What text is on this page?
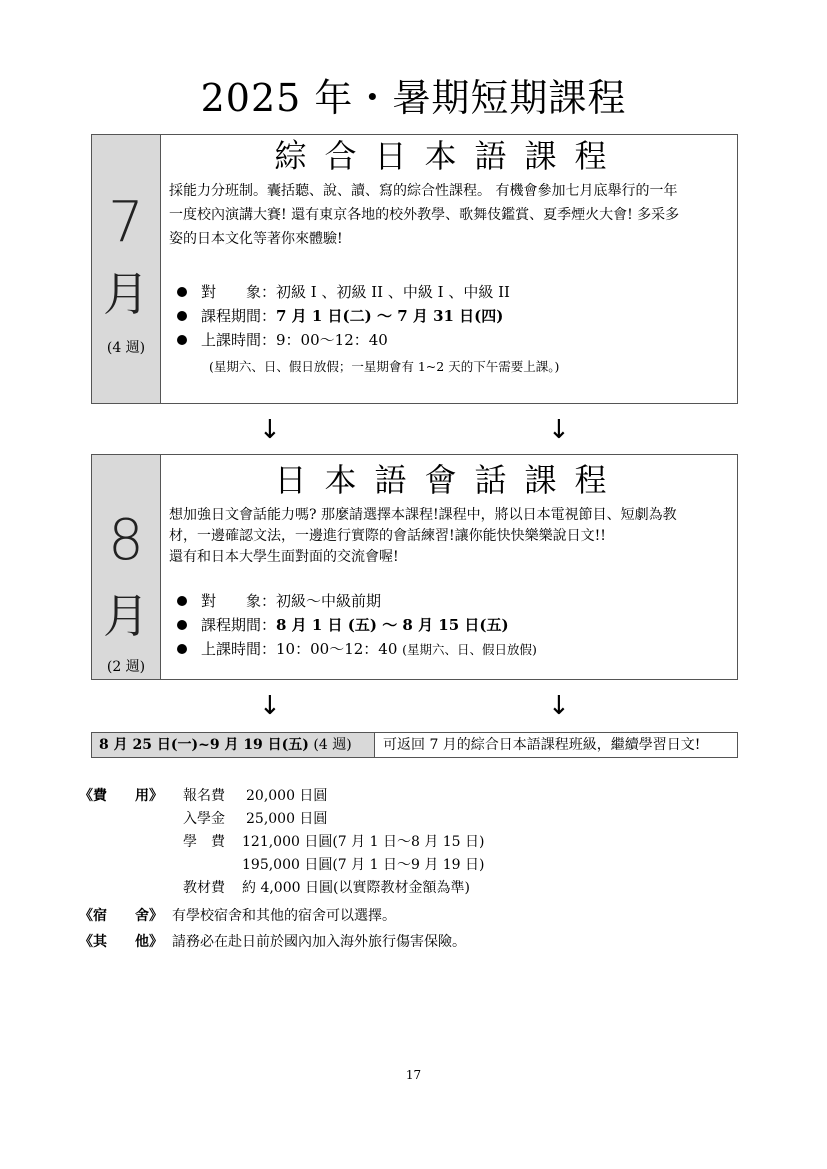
2025 年・暑期短期課程
7
月
(4 週)
綜合日本語課程
採能力分班制。囊括聽、說、讀、寫的綜合性課程。 有機會參加七月底舉行的一年
一度校內演講大賽! 還有東京各地的校外教學、歌舞伎鑑賞、夏季煙火大會! 多采多
姿的日本文化等著你來體驗!
對　　象：初級 I 、初級 II 、中級 I 、中級 II
課程期間：7 月 1 日(二) ～ 7 月 31 日(四)
上課時間：9：00～12：40
(星期六、日、假日放假；一星期會有 1~2 天的下午需要上課。)
↓	↓
8
月
(2 週)
日本語會話課程
想加強日文會話能力嗎? 那麼請選擇本課程!課程中，將以日本電視節目、短劇為教
材，一邊確認文法，一邊進行實際的會話練習!讓你能快快樂樂說日文!!
還有和日本大學生面對面的交流會喔!
對　　象：初級～中級前期
課程期間：8 月 1 日 (五) ～ 8 月 15 日(五)
上課時間：10：00～12：40 (星期六、日、假日放假)
↓	↓
8 月 25 日(一)~9 月 19 日(五) (4 週)	可返回 7 月的綜合日本語課程班級，繼續學習日文!
《費　　用》	報名費 20,000 日圓
入學金 25,000 日圓
學　費 121,000 日圓(7 月 1 日～8 月 15 日)
195,000 日圓(7 月 1 日～9 月 19 日)
教材費 約 4,000 日圓(以實際教材金額為準)
《宿　　舍》 有學校宿舍和其他的宿舍可以選擇。
《其　　他》 請務必在赴日前於國內加入海外旅行傷害保險。
17
